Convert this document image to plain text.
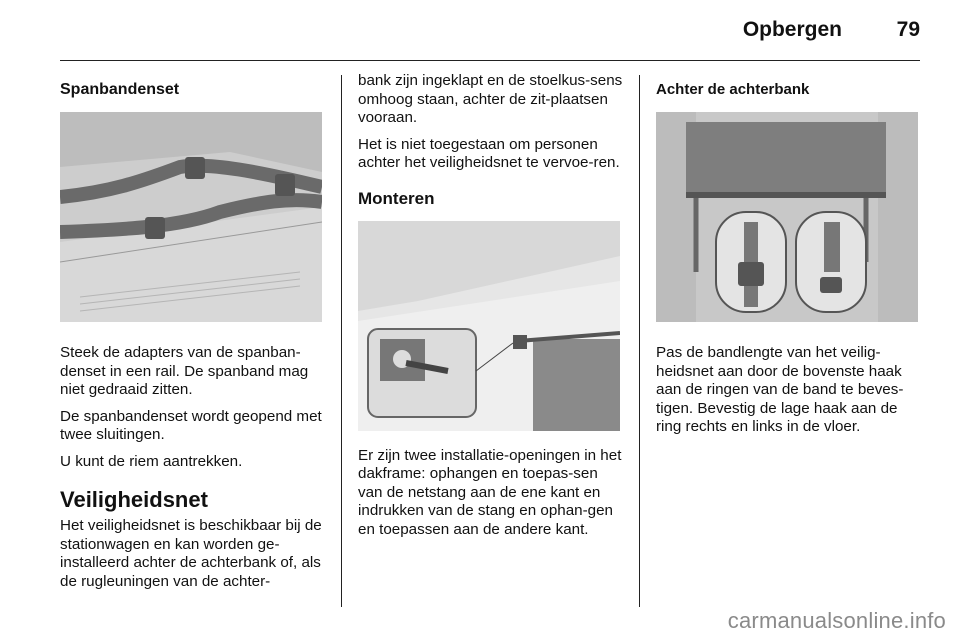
Opbergen	79
Spanbandenset

Steek de adapters van de spanban-denset in een rail. De spanband mag niet gedraaid zitten.

De spanbandenset wordt geopend met twee sluitingen.

U kunt de riem aantrekken.

Veiligheidsnet

Het veiligheidsnet is beschikbaar bij de stationwagen en kan worden ge-installeerd achter de achterbank of, als de rugleuningen van de achter-

bank zijn ingeklapt en de stoelkus-sens omhoog staan, achter de zit-plaatsen vooraan.

Het is niet toegestaan om personen achter het veiligheidsnet te vervoe-ren.

Monteren

Er zijn twee installatie-openingen in het dakframe: ophangen en toepas-sen van de netstang aan de ene kant en indrukken van de stang en ophan-gen en toepassen aan de andere kant.

Achter de achterbank

Pas de bandlengte van het veilig-heidsnet aan door de bovenste haak aan de ringen van de band te beves-tigen. Bevestig de lage haak aan de ring rechts en links in de vloer.

carmanualsonline.info
